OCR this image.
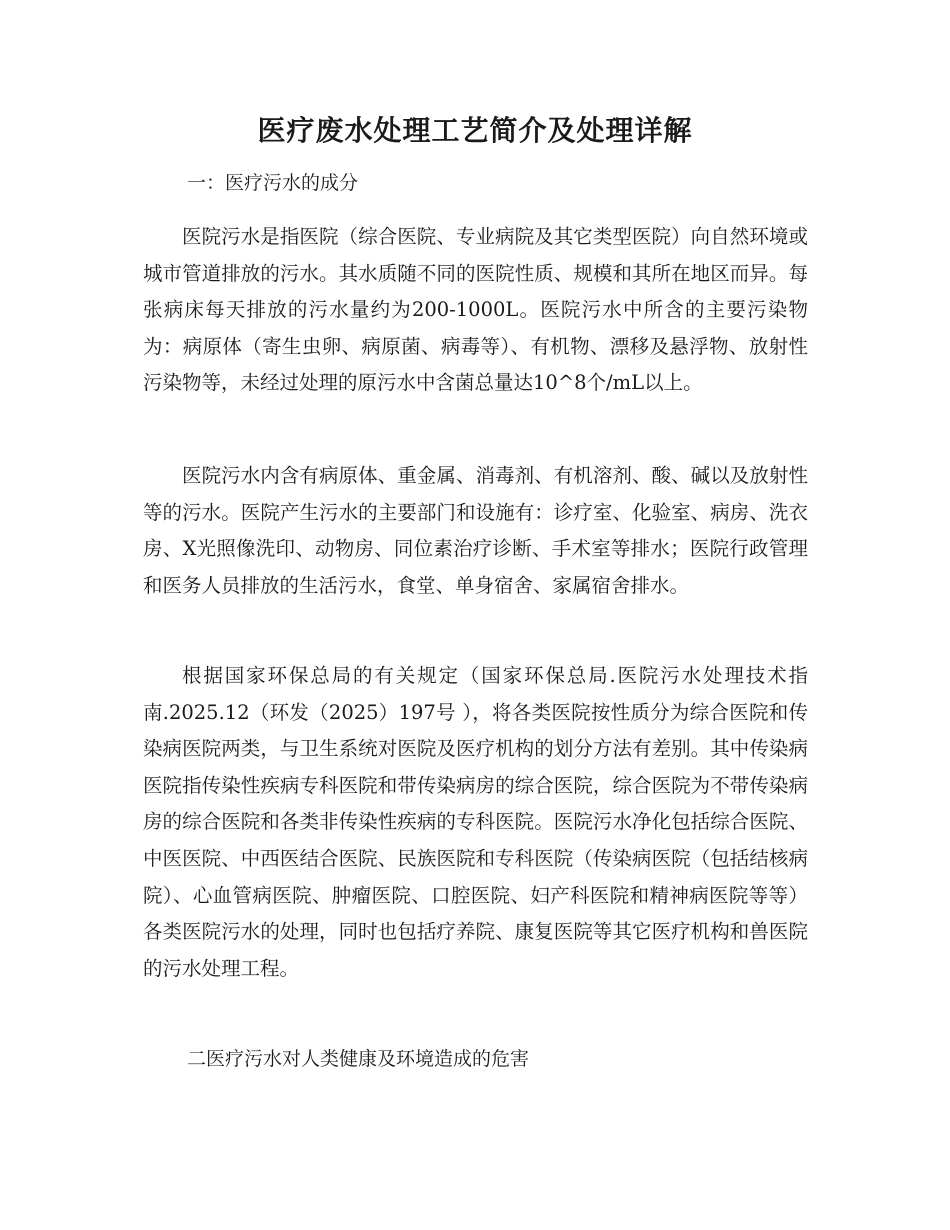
医疗废水处理工艺简介及处理详解
一：医疗污水的成分
医院污水是指医院（综合医院、专业病院及其它类型医院）向自然环境或城市管道排放的污水。其水质随不同的医院性质、规模和其所在地区而异。每张病床每天排放的污水量约为200-1000L。医院污水中所含的主要污染物为：病原体（寄生虫卵、病原菌、病毒等）、有机物、漂移及悬浮物、放射性污染物等，未经过处理的原污水中含菌总量达10^8个/mL以上。
医院污水内含有病原体、重金属、消毒剂、有机溶剂、酸、碱以及放射性等的污水。医院产生污水的主要部门和设施有：诊疗室、化验室、病房、洗衣房、X光照像洗印、动物房、同位素治疗诊断、手术室等排水；医院行政管理和医务人员排放的生活污水，食堂、单身宿舍、家属宿舍排水。
根据国家环保总局的有关规定（国家环保总局.医院污水处理技术指南.2025.12（环发（2025）197号 ），将各类医院按性质分为综合医院和传染病医院两类，与卫生系统对医院及医疗机构的划分方法有差别。其中传染病医院指传染性疾病专科医院和带传染病房的综合医院，综合医院为不带传染病房的综合医院和各类非传染性疾病的专科医院。医院污水净化包括综合医院、中医医院、中西医结合医院、民族医院和专科医院（传染病医院（包括结核病院）、心血管病医院、肿瘤医院、口腔医院、妇产科医院和精神病医院等等）各类医院污水的处理，同时也包括疗养院、康复医院等其它医疗机构和兽医院的污水处理工程。
二医疗污水对人类健康及环境造成的危害
